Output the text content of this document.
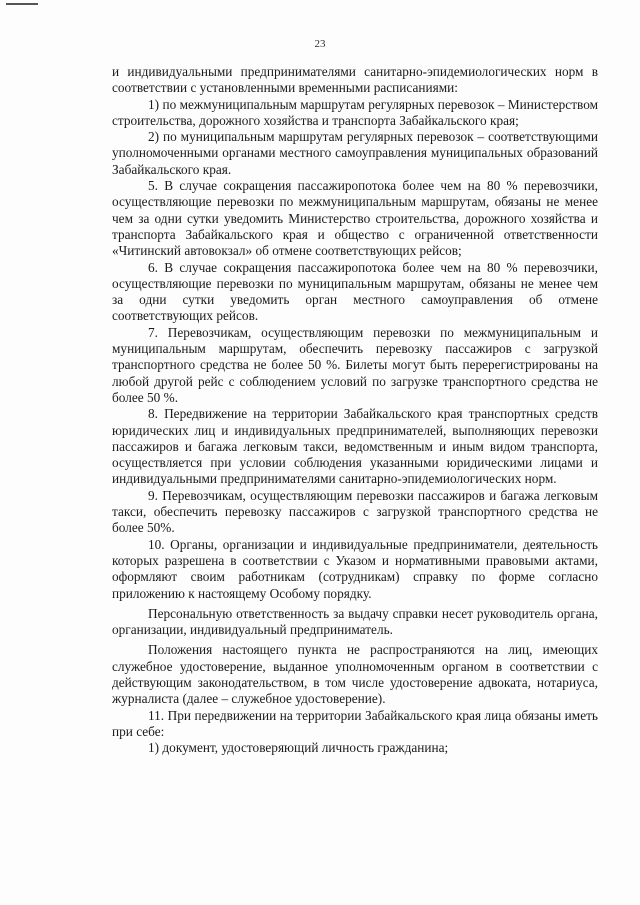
23

и индивидуальными предпринимателями санитарно-эпидемиологических норм в соответствии с установленными временными расписаниями:

1) по межмуниципальным маршрутам регулярных перевозок – Министерством строительства, дорожного хозяйства и транспорта Забайкальского края;

2) по муниципальным маршрутам регулярных перевозок – соответствующими уполномоченными органами местного самоуправления муниципальных образований Забайкальского края.

5. В случае сокращения пассажиропотока более чем на 80 % перевозчики, осуществляющие перевозки по межмуниципальным маршрутам, обязаны не менее чем за одни сутки уведомить Министерство строительства, дорожного хозяйства и транспорта Забайкальского края и общество с ограниченной ответственности «Читинский автовокзал» об отмене соответствующих рейсов;

6. В случае сокращения пассажиропотока более чем на 80 % перевозчики, осуществляющие перевозки по муниципальным маршрутам, обязаны не менее чем за одни сутки уведомить орган местного самоуправления об отмене соответствующих рейсов.

7. Перевозчикам, осуществляющим перевозки по межмуниципальным и муниципальным маршрутам, обеспечить перевозку пассажиров с загрузкой транспортного средства не более 50 %. Билеты могут быть перерегистрированы на любой другой рейс с соблюдением условий по загрузке транспортного средства не более 50 %.

8. Передвижение на территории Забайкальского края транспортных средств юридических лиц и индивидуальных предпринимателей, выполняющих перевозки пассажиров и багажа легковым такси, ведомственным и иным видом транспорта, осуществляется при условии соблюдения указанными юридическими лицами и индивидуальными предпринимателями санитарно-эпидемиологических норм.

9. Перевозчикам, осуществляющим перевозки пассажиров и багажа легковым такси, обеспечить перевозку пассажиров с загрузкой транспортного средства не более 50%.

10. Органы, организации и индивидуальные предприниматели, деятельность которых разрешена в соответствии с Указом и нормативными правовыми актами, оформляют своим работникам (сотрудникам) справку по форме согласно приложению к настоящему Особому порядку.

Персональную ответственность за выдачу справки несет руководитель органа, организации, индивидуальный предприниматель.

Положения настоящего пункта не распространяются на лиц, имеющих служебное удостоверение, выданное уполномоченным органом в соответствии с действующим законодательством, в том числе удостоверение адвоката, нотариуса, журналиста (далее – служебное удостоверение).

11. При передвижении на территории Забайкальского края лица обязаны иметь при себе:

1) документ, удостоверяющий личность гражданина;
